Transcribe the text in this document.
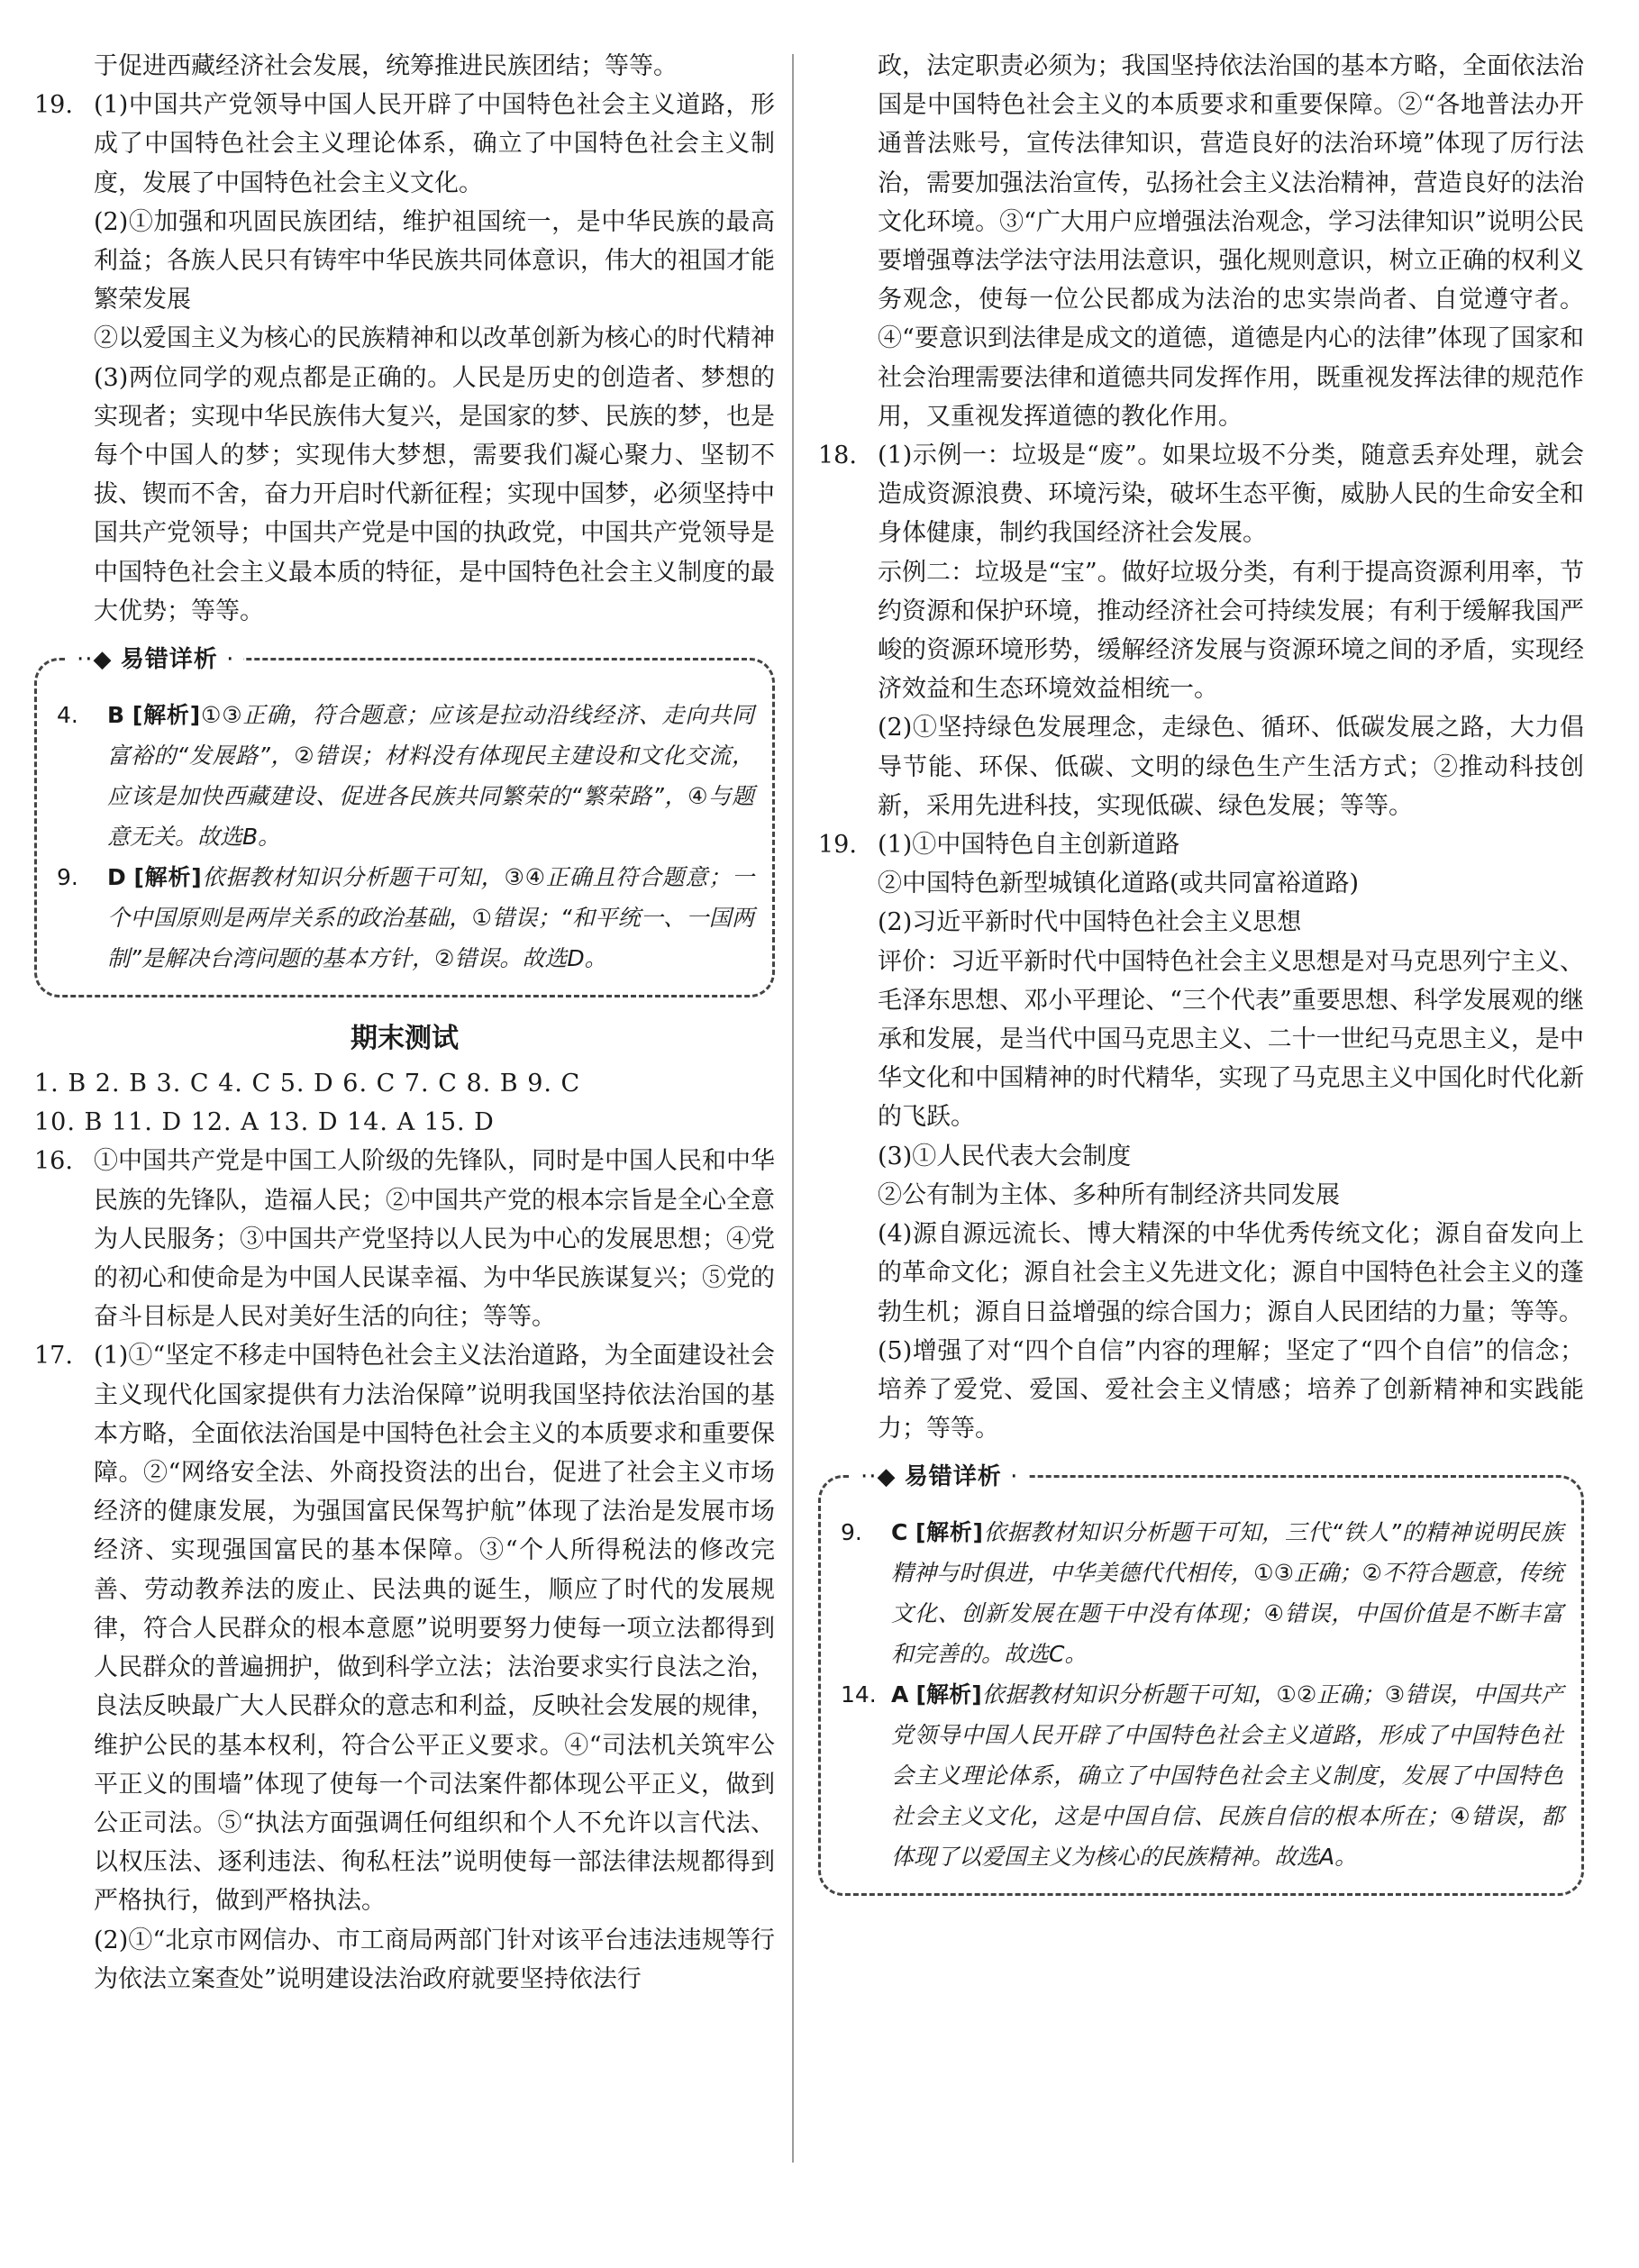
于促进西藏经济社会发展，统筹推进民族团结；等等。

19. (1)中国共产党领导中国人民开辟了中国特色社会主义道路，形成了中国特色社会主义理论体系，确立了中国特色社会主义制度，发展了中国特色社会主义文化。

(2)①加强和巩固民族团结，维护祖国统一，是中华民族的最高利益；各族人民只有铸牢中华民族共同体意识，伟大的祖国才能繁荣发展

②以爱国主义为核心的民族精神和以改革创新为核心的时代精神

(3)两位同学的观点都是正确的。人民是历史的创造者、梦想的实现者；实现中华民族伟大复兴，是国家的梦、民族的梦，也是每个中国人的梦；实现伟大梦想，需要我们凝心聚力、坚韧不拔、锲而不舍，奋力开启时代新征程；实现中国梦，必须坚持中国共产党领导；中国共产党是中国的执政党，中国共产党领导是中国特色社会主义最本质的特征，是中国特色社会主义制度的最大优势；等等。

··◆ 易错详析 ·
4.	B [解析]①③正确，符合题意；应该是拉动沿线经济、走向共同富裕的“发展路”，②错误；材料没有体现民主建设和文化交流，应该是加快西藏建设、促进各民族共同繁荣的“繁荣路”，④与题意无关。故选B。

9.	D [解析]依据教材知识分析题干可知，③④正确且符合题意；一个中国原则是两岸关系的政治基础，①错误；“和平统一、一国两制”是解决台湾问题的基本方针，②错误。故选D。

期末测试

1. B 2. B 3. C 4. C 5. D 6. C 7. C 8. B 9. C

10. B 11. D 12. A 13. D 14. A 15. D

16. ①中国共产党是中国工人阶级的先锋队，同时是中国人民和中华民族的先锋队，造福人民；②中国共产党的根本宗旨是全心全意为人民服务；③中国共产党坚持以人民为中心的发展思想；④党的初心和使命是为中国人民谋幸福、为中华民族谋复兴；⑤党的奋斗目标是人民对美好生活的向往；等等。

17. (1)①“坚定不移走中国特色社会主义法治道路，为全面建设社会主义现代化国家提供有力法治保障”说明我国坚持依法治国的基本方略，全面依法治国是中国特色社会主义的本质要求和重要保障。②“网络安全法、外商投资法的出台，促进了社会主义市场经济的健康发展，为强国富民保驾护航”体现了法治是发展市场经济、实现强国富民的基本保障。③“个人所得税法的修改完善、劳动教养法的废止、民法典的诞生，顺应了时代的发展规律，符合人民群众的根本意愿”说明要努力使每一项立法都得到人民群众的普遍拥护，做到科学立法；法治要求实行良法之治，良法反映最广大人民群众的意志和利益，反映社会发展的规律，维护公民的基本权利，符合公平正义要求。④“司法机关筑牢公平正义的围墙”体现了使每一个司法案件都体现公平正义，做到公正司法。⑤“执法方面强调任何组织和个人不允许以言代法、以权压法、逐利违法、徇私枉法”说明使每一部法律法规都得到严格执行，做到严格执法。

(2)①“北京市网信办、市工商局两部门针对该平台违法违规等行为依法立案查处”说明建设法治政府就要坚持依法行

政，法定职责必须为；我国坚持依法治国的基本方略，全面依法治国是中国特色社会主义的本质要求和重要保障。②“各地普法办开通普法账号，宣传法律知识，营造良好的法治环境”体现了厉行法治，需要加强法治宣传，弘扬社会主义法治精神，营造良好的法治文化环境。③“广大用户应增强法治观念，学习法律知识”说明公民要增强尊法学法守法用法意识，强化规则意识，树立正确的权利义务观念，使每一位公民都成为法治的忠实崇尚者、自觉遵守者。④“要意识到法律是成文的道德，道德是内心的法律”体现了国家和社会治理需要法律和道德共同发挥作用，既重视发挥法律的规范作用，又重视发挥道德的教化作用。

18. (1)示例一：垃圾是“废”。如果垃圾不分类，随意丢弃处理，就会造成资源浪费、环境污染，破坏生态平衡，威胁人民的生命安全和身体健康，制约我国经济社会发展。

示例二：垃圾是“宝”。做好垃圾分类，有利于提高资源利用率，节约资源和保护环境，推动经济社会可持续发展；有利于缓解我国严峻的资源环境形势，缓解经济发展与资源环境之间的矛盾，实现经济效益和生态环境效益相统一。

(2)①坚持绿色发展理念，走绿色、循环、低碳发展之路，大力倡导节能、环保、低碳、文明的绿色生产生活方式；②推动科技创新，采用先进科技，实现低碳、绿色发展；等等。

19. (1)①中国特色自主创新道路

②中国特色新型城镇化道路(或共同富裕道路)

(2)习近平新时代中国特色社会主义思想

评价：习近平新时代中国特色社会主义思想是对马克思列宁主义、毛泽东思想、邓小平理论、“三个代表”重要思想、科学发展观的继承和发展，是当代中国马克思主义、二十一世纪马克思主义，是中华文化和中国精神的时代精华，实现了马克思主义中国化时代化新的飞跃。

(3)①人民代表大会制度

②公有制为主体、多种所有制经济共同发展

(4)源自源远流长、博大精深的中华优秀传统文化；源自奋发向上的革命文化；源自社会主义先进文化；源自中国特色社会主义的蓬勃生机；源自日益增强的综合国力；源自人民团结的力量；等等。

(5)增强了对“四个自信”内容的理解；坚定了“四个自信”的信念；培养了爱党、爱国、爱社会主义情感；培养了创新精神和实践能力；等等。

··◆ 易错详析 ·
9.	C [解析]依据教材知识分析题干可知，三代“铁人”的精神说明民族精神与时俱进，中华美德代代相传，①③正确；②不符合题意，传统文化、创新发展在题干中没有体现；④错误，中国价值是不断丰富和完善的。故选C。

14. A [解析]依据教材知识分析题干可知，①②正确；③错误，中国共产党领导中国人民开辟了中国特色社会主义道路，形成了中国特色社会主义理论体系，确立了中国特色社会主义制度，发展了中国特色社会主义文化，这是中国自信、民族自信的根本所在；④错误，都体现了以爱国主义为核心的民族精神。故选A。
